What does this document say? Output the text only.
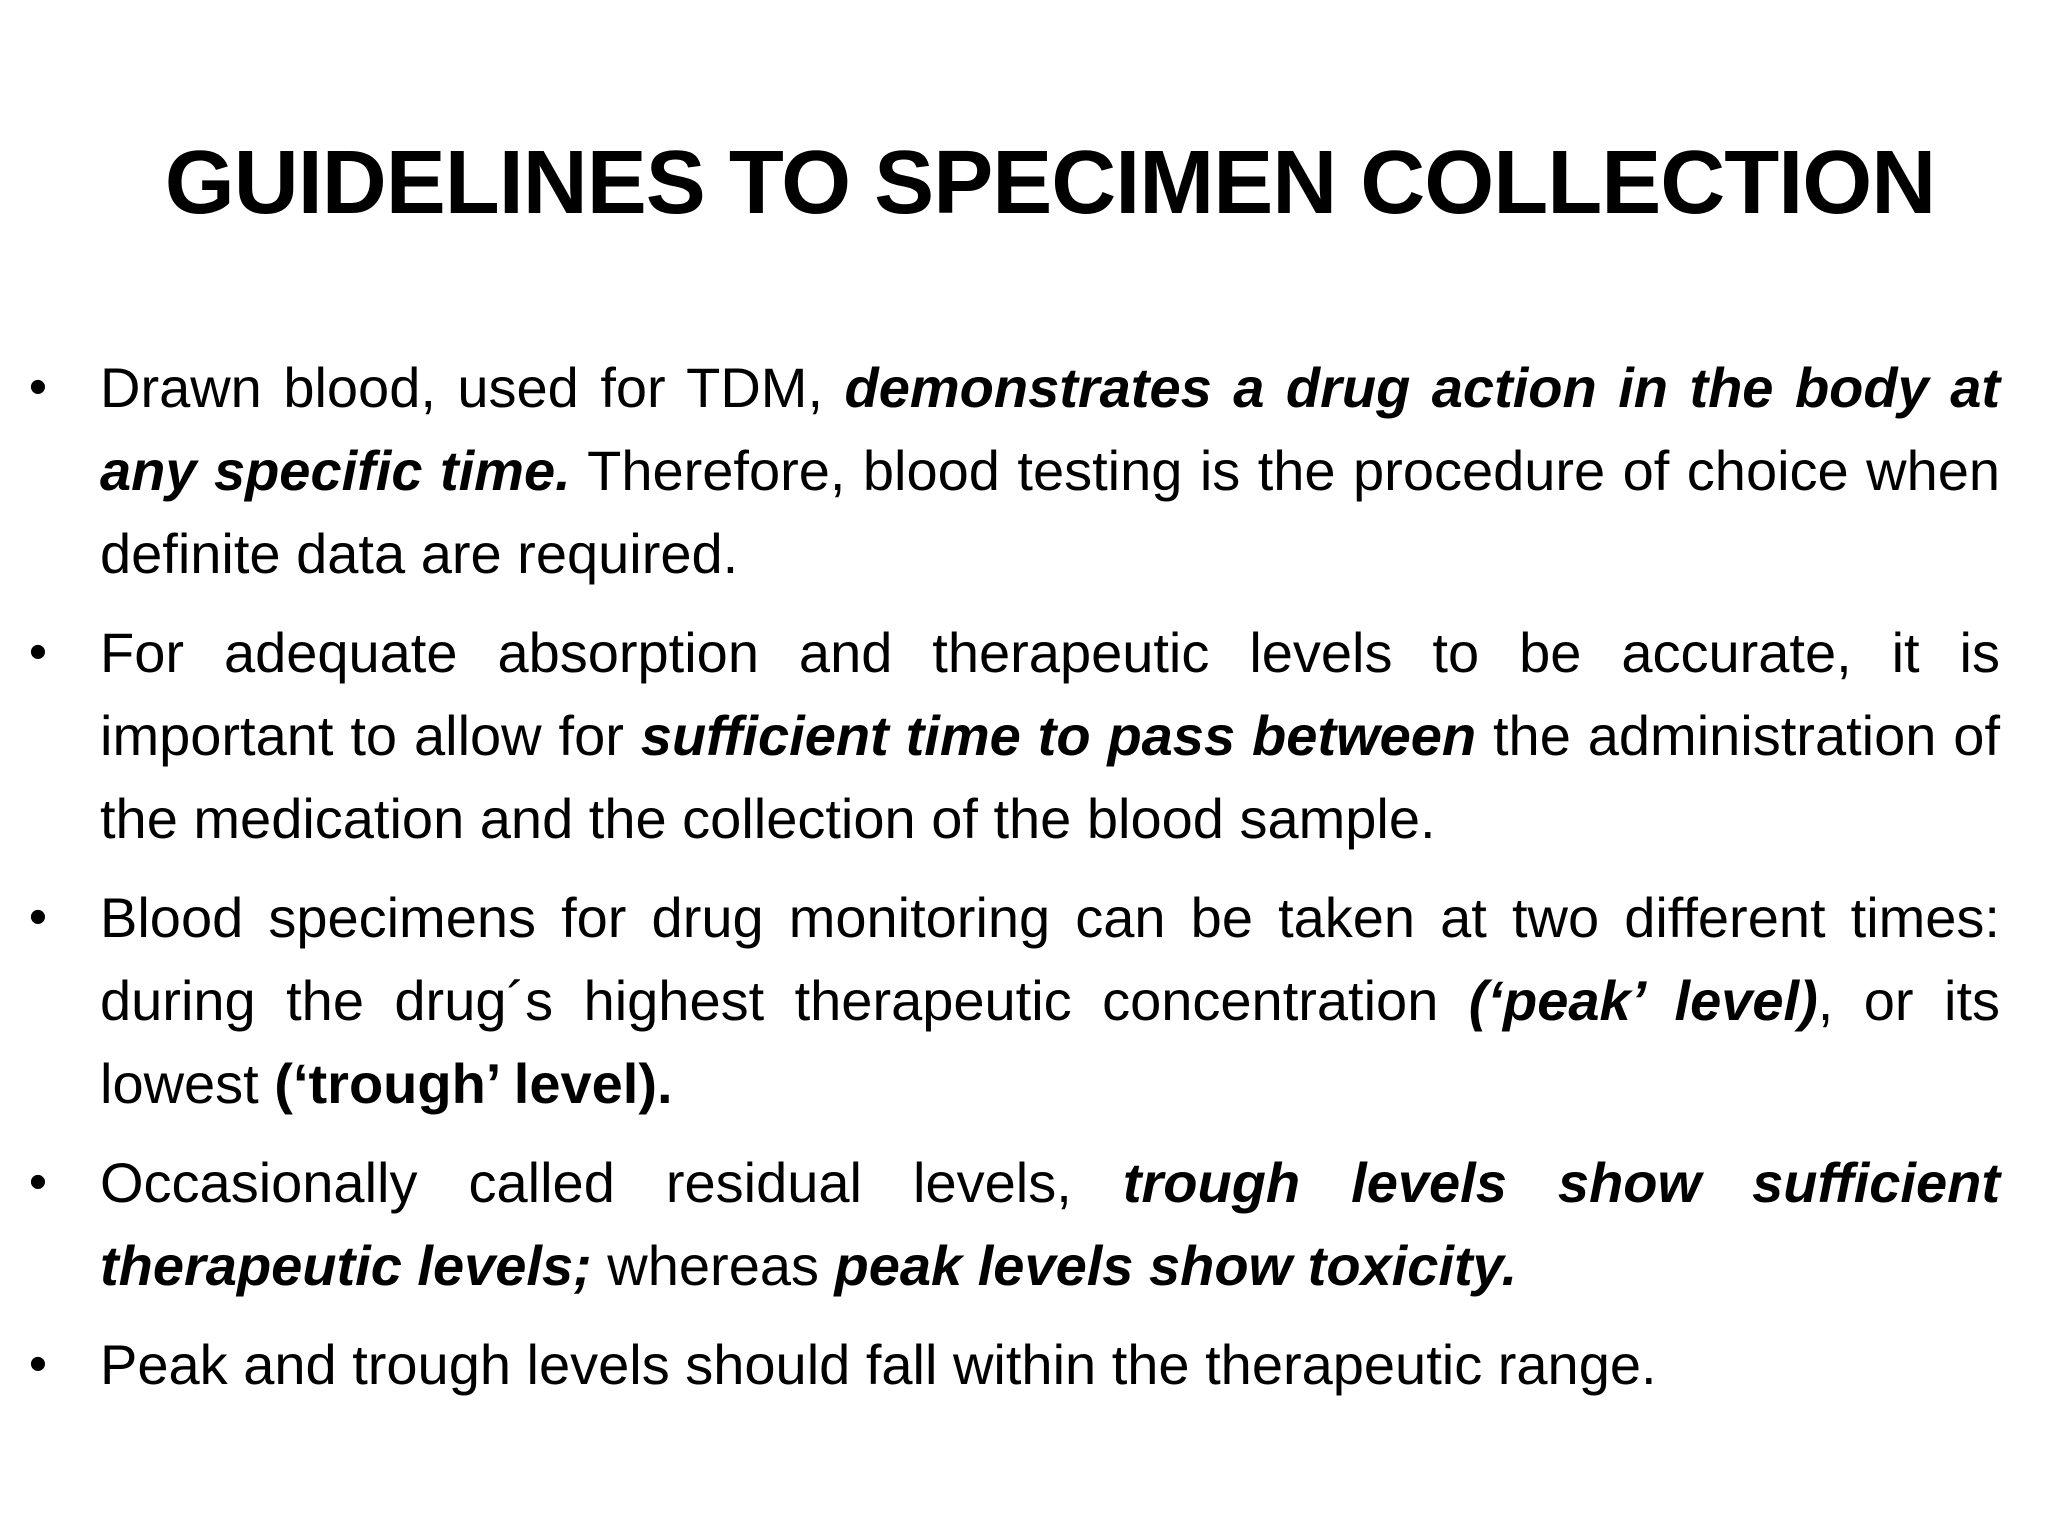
GUIDELINES TO SPECIMEN COLLECTION
• Drawn blood, used for TDM, demonstrates a drug action in the body at any specific time. Therefore, blood testing is the procedure of choice when definite data are required.
• For adequate absorption and therapeutic levels to be accurate, it is important to allow for sufficient time to pass between the administration of the medication and the collection of the blood sample.
• Blood specimens for drug monitoring can be taken at two different times: during the drug´s highest therapeutic concentration (‘peak’ level), or its lowest (‘trough’ level).
• Occasionally called residual levels, trough levels show sufficient therapeutic levels; whereas peak levels show toxicity.
• Peak and trough levels should fall within the therapeutic range.
